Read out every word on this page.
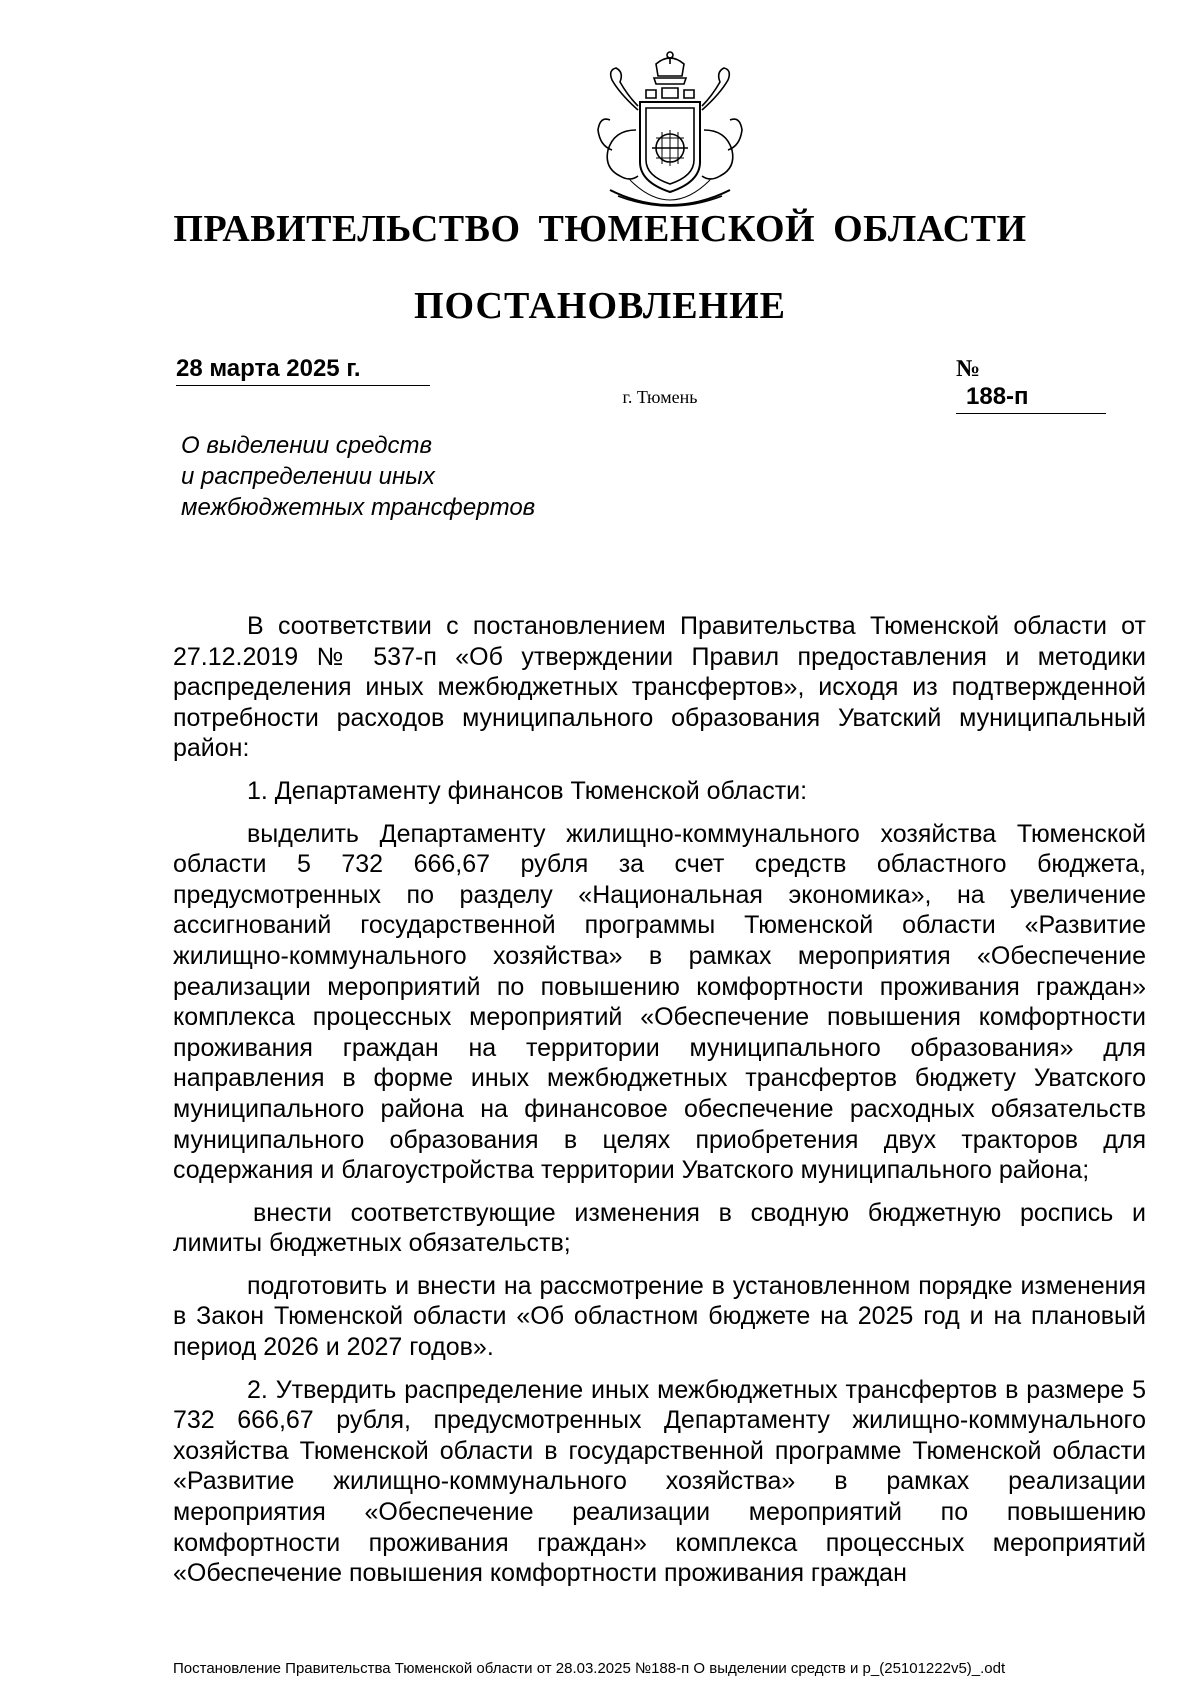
ПРАВИТЕЛЬСТВО ТЮМЕНСКОЙ ОБЛАСТИ
ПОСТАНОВЛЕНИЕ
28 марта 2025 г.	№ 188-п
г. Тюмень
О выделении средств
и распределении иных
межбюджетных трансфертов

В соответствии с постановлением Правительства Тюменской области от 27.12.2019 № 537-п «Об утверждении Правил предоставления и методики распределения иных межбюджетных трансфертов», исходя из подтвержденной потребности расходов муниципального образования Уватский муниципальный район:

1. Департаменту финансов Тюменской области:

выделить Департаменту жилищно-коммунального хозяйства Тюменской области 5 732 666,67 рубля за счет средств областного бюджета, предусмотренных по разделу «Национальная экономика», на увеличение ассигнований государственной программы Тюменской области «Развитие жилищно-коммунального хозяйства» в рамках мероприятия «Обеспечение реализации мероприятий по повышению комфортности проживания граждан» комплекса процессных мероприятий «Обеспечение повышения комфортности проживания граждан на территории муниципального образования» для направления в форме иных межбюджетных трансфертов бюджету Уватского муниципального района на финансовое обеспечение расходных обязательств муниципального образования в целях приобретения двух тракторов для содержания и благоустройства территории Уватского муниципального района;

внести соответствующие изменения в сводную бюджетную роспись и лимиты бюджетных обязательств;

подготовить и внести на рассмотрение в установленном порядке изменения в Закон Тюменской области «Об областном бюджете на 2025 год и на плановый период 2026 и 2027 годов».

2. Утвердить распределение иных межбюджетных трансфертов в размере 5 732 666,67 рубля, предусмотренных Департаменту жилищно-коммунального хозяйства Тюменской области в государственной программе Тюменской области «Развитие жилищно-коммунального хозяйства» в рамках реализации мероприятия «Обеспечение реализации мероприятий по повышению комфортности проживания граждан» комплекса процессных мероприятий «Обеспечение повышения комфортности проживания граждан

Постановление Правительства Тюменской области от 28.03.2025 №188-п О выделении средств и р_(25101222v5)_.odt
